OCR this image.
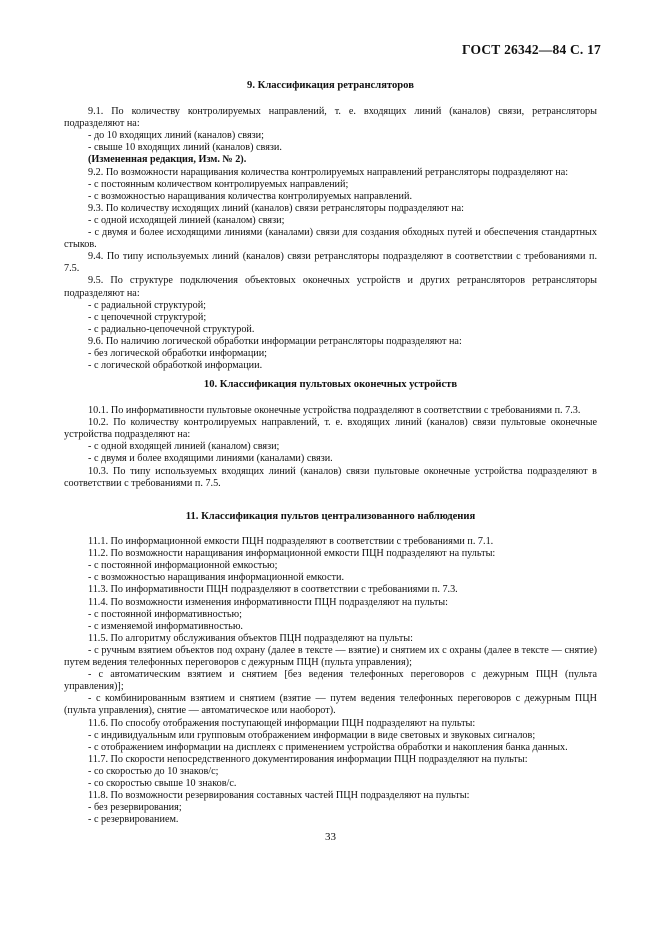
ГОСТ 26342—84 С. 17

9. Классификация ретрансляторов

9.1. По количеству контролируемых направлений, т. е. входящих линий (каналов) связи, ретрансляторы подразделяют на:

- до 10 входящих линий (каналов) связи;

- свыше 10 входящих линий (каналов) связи.

(Измененная редакция, Изм. № 2).

9.2. По возможности наращивания количества контролируемых направлений ретрансляторы подразделяют на:

- с постоянным количеством контролируемых направлений;

- с возможностью наращивания количества контролируемых направлений.

9.3. По количеству исходящих линий (каналов) связи ретрансляторы подразделяют на:

- с одной исходящей линией (каналом) связи;

- с двумя и более исходящими линиями (каналами) связи для создания обходных путей и обеспечения стандартных стыков.

9.4. По типу используемых линий (каналов) связи ретрансляторы подразделяют в соответствии с требованиями п. 7.5.

9.5. По структуре подключения объектовых оконечных устройств и других ретрансляторов ретрансляторы подразделяют на:

- с радиальной структурой;

- с цепочечной структурой;

- с радиально-цепочечной структурой.

9.6. По наличию логической обработки информации ретрансляторы подразделяют на:

- без логической обработки информации;

- с логической обработкой информации.

10. Классификация пультовых оконечных устройств

10.1. По информативности пультовые оконечные устройства подразделяют в соответствии с требованиями п. 7.3.

10.2. По количеству контролируемых направлений, т. е. входящих линий (каналов) связи пультовые оконечные устройства подразделяют на:

- с одной входящей линией (каналом) связи;

- с двумя и более входящими линиями (каналами) связи.

10.3. По типу используемых входящих линий (каналов) связи пультовые оконечные устройства подразделяют в соответствии с требованиями п. 7.5.

11. Классификация пультов централизованного наблюдения

11.1. По информационной емкости ПЦН подразделяют в соответствии с требованиями п. 7.1.

11.2. По возможности наращивания информационной емкости ПЦН подразделяют на пульты:

- с постоянной информационной емкостью;

- с возможностью наращивания информационной емкости.

11.3. По информативности ПЦН подразделяют в соответствии с требованиями п. 7.3.

11.4. По возможности изменения информативности ПЦН подразделяют на пульты:

- с постоянной информативностью;

- с изменяемой информативностью.

11.5. По алгоритму обслуживания объектов ПЦН подразделяют на пульты:

- с ручным взятием объектов под охрану (далее в тексте — взятие) и снятием их с охраны (далее в тексте — снятие) путем ведения телефонных переговоров с дежурным ПЦН (пульта управления);

- с автоматическим взятием и снятием [без ведения телефонных переговоров с дежурным ПЦН (пульта управления)];

- с комбинированным взятием и снятием (взятие — путем ведения телефонных переговоров с дежурным ПЦН (пульта управления), снятие — автоматическое или наоборот).

11.6. По способу отображения поступающей информации ПЦН подразделяют на пульты:

- с индивидуальным или групповым отображением информации в виде световых и звуковых сигналов;

- с отображением информации на дисплеях с применением устройства обработки и накопления банка данных.

11.7. По скорости непосредственного документирования информации ПЦН подразделяют на пульты:

- со скоростью до 10 знаков/с;

- со скоростью свыше 10 знаков/с.

11.8. По возможности резервирования составных частей ПЦН подразделяют на пульты:

- без резервирования;

- с резервированием.

33
